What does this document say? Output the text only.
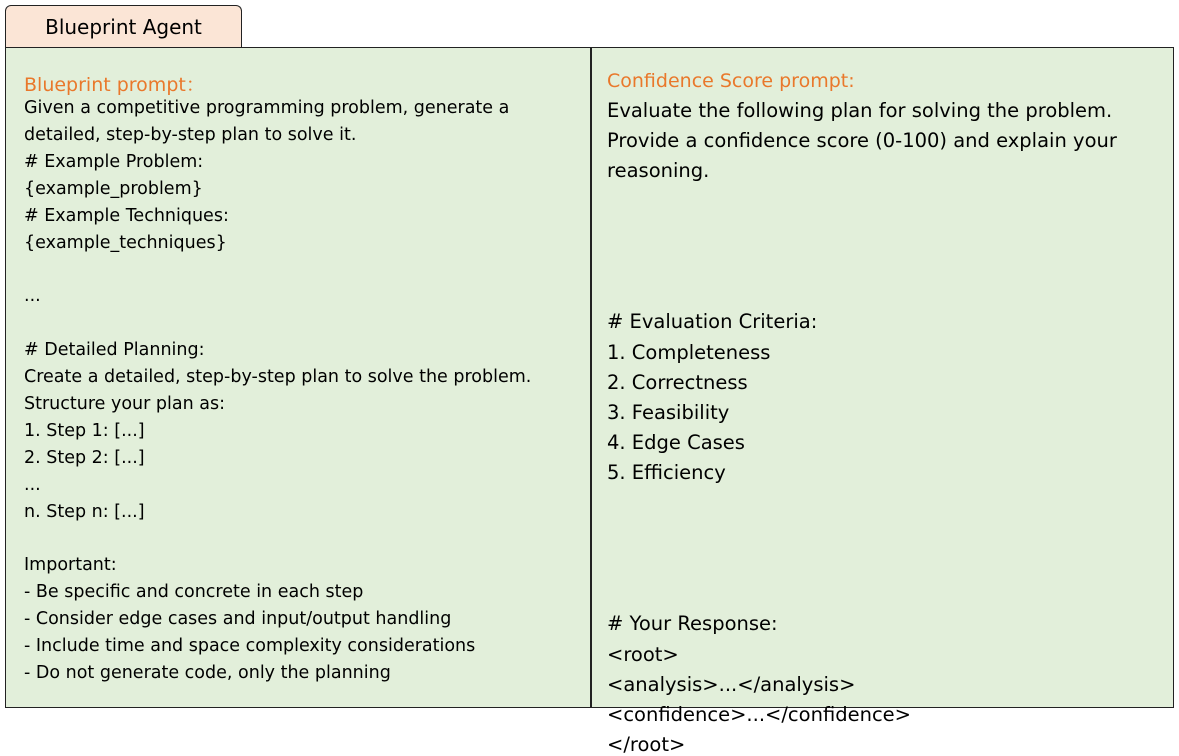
Blueprint Agent
Blueprint prompt：
Given a competitive programming problem, generate a
detailed, step-by-step plan to solve it.
# Example Problem:
{example_problem}
# Example Techniques:
{example_techniques}
...
# Detailed Planning:
Create a detailed, step-by-step plan to solve the problem.
Structure your plan as:
1. Step 1: [...]
2. Step 2: [...]
...
n. Step n: [...]
Important:
- Be specific and concrete in each step
- Consider edge cases and input/output handling
- Include time and space complexity considerations
- Do not generate code, only the planning
Confidence Score prompt:
Evaluate the following plan for solving the problem.
Provide a confidence score (0-100) and explain your
reasoning.
# Evaluation Criteria:
1. Completeness
2. Correctness
3. Feasibility
4. Edge Cases
5. Efficiency
# Your Response:
<root>
<analysis>...</analysis>
<confidence>...</confidence>
</root>
